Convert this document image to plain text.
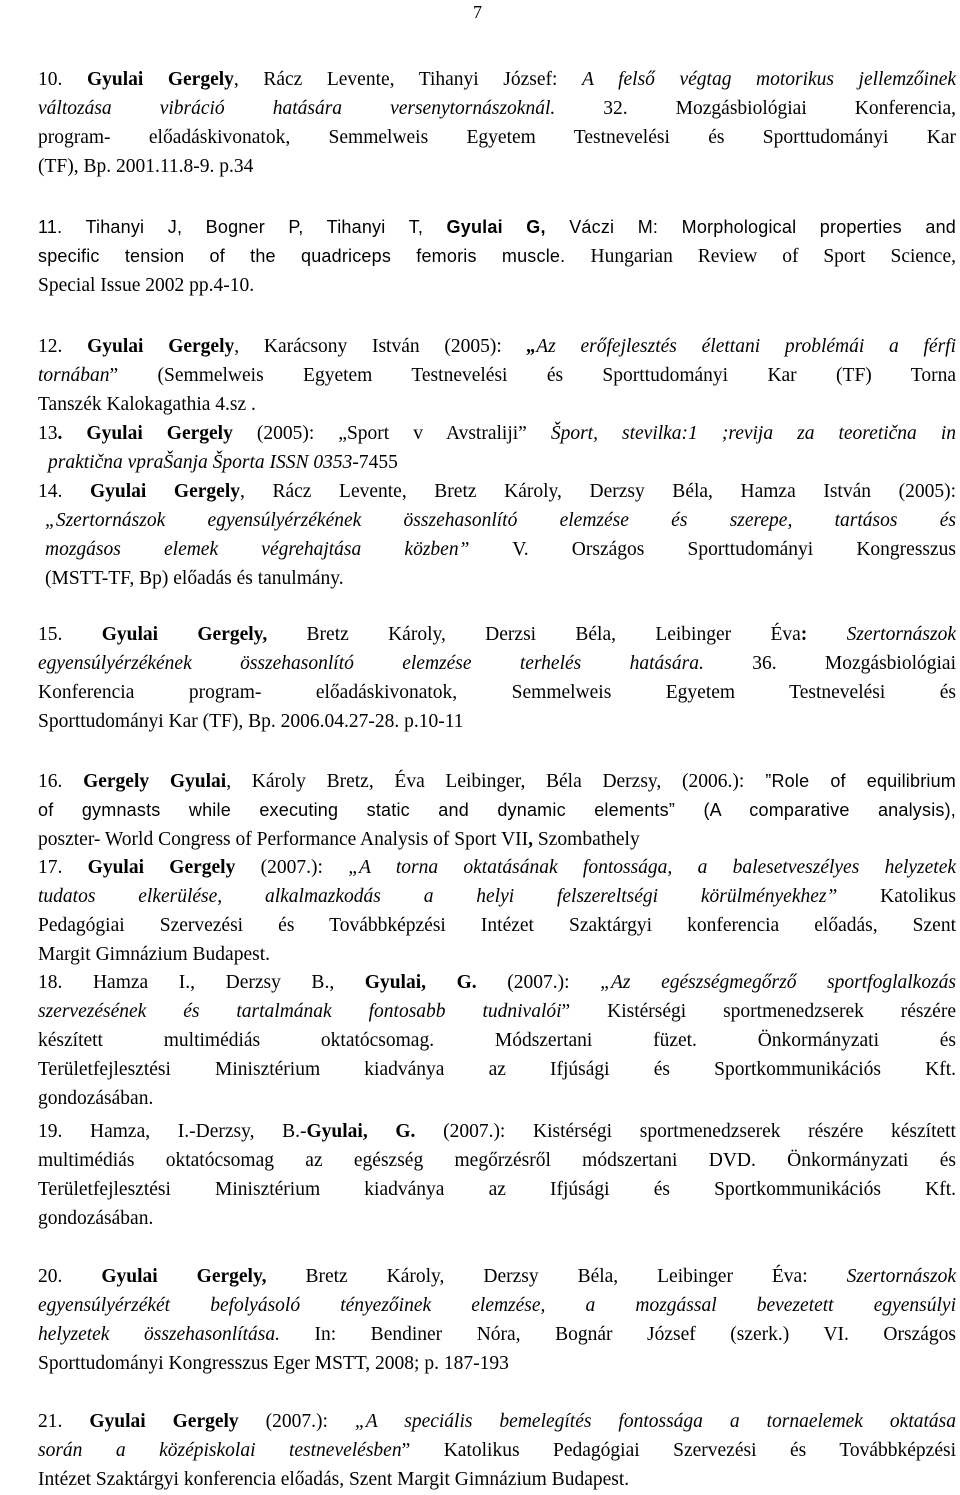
7
10. Gyulai Gergely, Rácz Levente, Tihanyi József: A felső végtag motorikus jellemzőinek
változása vibráció hatására versenytornászoknál. 32. Mozgásbiológiai Konferencia,
program- előadáskivonatok, Semmelweis Egyetem Testnevelési és Sporttudományi Kar
(TF), Bp. 2001.11.8-9. p.34
11. Tihanyi J, Bogner P, Tihanyi T, Gyulai G, Váczi M: Morphological properties and
specific tension of the quadriceps femoris muscle. Hungarian Review of Sport Science,
Special Issue 2002 pp.4-10.
12. Gyulai Gergely, Karácsony István (2005): „Az erőfejlesztés élettani problémái a férfi
tornában” (Semmelweis Egyetem Testnevelési és Sporttudományi Kar (TF) Torna
Tanszék Kalokagathia 4.sz .
13. Gyulai Gergely (2005): „Sport v Avstraliji” Šport, stevilka:1 ;revija za teoretična in
praktična vpraŠanja Športa ISSN 0353-7455
14. Gyulai Gergely, Rácz Levente, Bretz Károly, Derzsy Béla, Hamza István (2005):
„Szertornászok egyensúlyérzékének összehasonlító elemzése és szerepe, tartásos és
mozgásos elemek végrehajtása közben” V. Országos Sporttudományi Kongresszus
(MSTT-TF, Bp) előadás és tanulmány.
15. Gyulai Gergely, Bretz Károly, Derzsi Béla, Leibinger Éva: Szertornászok
egyensúlyérzékének összehasonlító elemzése terhelés hatására. 36. Mozgásbiológiai
Konferencia program- előadáskivonatok, Semmelweis Egyetem Testnevelési és
Sporttudományi Kar (TF), Bp. 2006.04.27-28. p.10-11
16. Gergely Gyulai, Károly Bretz, Éva Leibinger, Béla Derzsy, (2006.): ”Role of equilibrium
of gymnasts while executing static and dynamic elements” (A comparative analysis),
poszter- World Congress of Performance Analysis of Sport VII, Szombathely
17. Gyulai Gergely (2007.): „A torna oktatásának fontossága, a balesetveszélyes helyzetek
tudatos elkerülése, alkalmazkodás a helyi felszereltségi körülményekhez” Katolikus
Pedagógiai Szervezési és Továbbképzési Intézet Szaktárgyi konferencia előadás, Szent
Margit Gimnázium Budapest.
18. Hamza I., Derzsy B., Gyulai, G. (2007.): „Az egészségmegőrző sportfoglalkozás
szervezésének és tartalmának fontosabb tudnivalói” Kistérségi sportmenedzserek részére
készített multimédiás oktatócsomag. Módszertani füzet. Önkormányzati és
Területfejlesztési Minisztérium kiadványa az Ifjúsági és Sportkommunikációs Kft.
gondozásában.
19. Hamza, I.-Derzsy, B.-Gyulai, G. (2007.): Kistérségi sportmenedzserek részére készített
multimédiás oktatócsomag az egészség megőrzésről módszertani DVD. Önkormányzati és
Területfejlesztési Minisztérium kiadványa az Ifjúsági és Sportkommunikációs Kft.
gondozásában.
20. Gyulai Gergely, Bretz Károly, Derzsy Béla, Leibinger Éva: Szertornászok
egyensúlyérzékét befolyásoló tényezőinek elemzése, a mozgással bevezetett egyensúlyi
helyzetek összehasonlítása. In: Bendiner Nóra, Bognár József (szerk.) VI. Országos
Sporttudományi Kongresszus Eger MSTT, 2008; p. 187-193
21. Gyulai Gergely (2007.): „A speciális bemelegítés fontossága a tornaelemek oktatása
során a középiskolai testnevelésben” Katolikus Pedagógiai Szervezési és Továbbképzési
Intézet Szaktárgyi konferencia előadás, Szent Margit Gimnázium Budapest.
